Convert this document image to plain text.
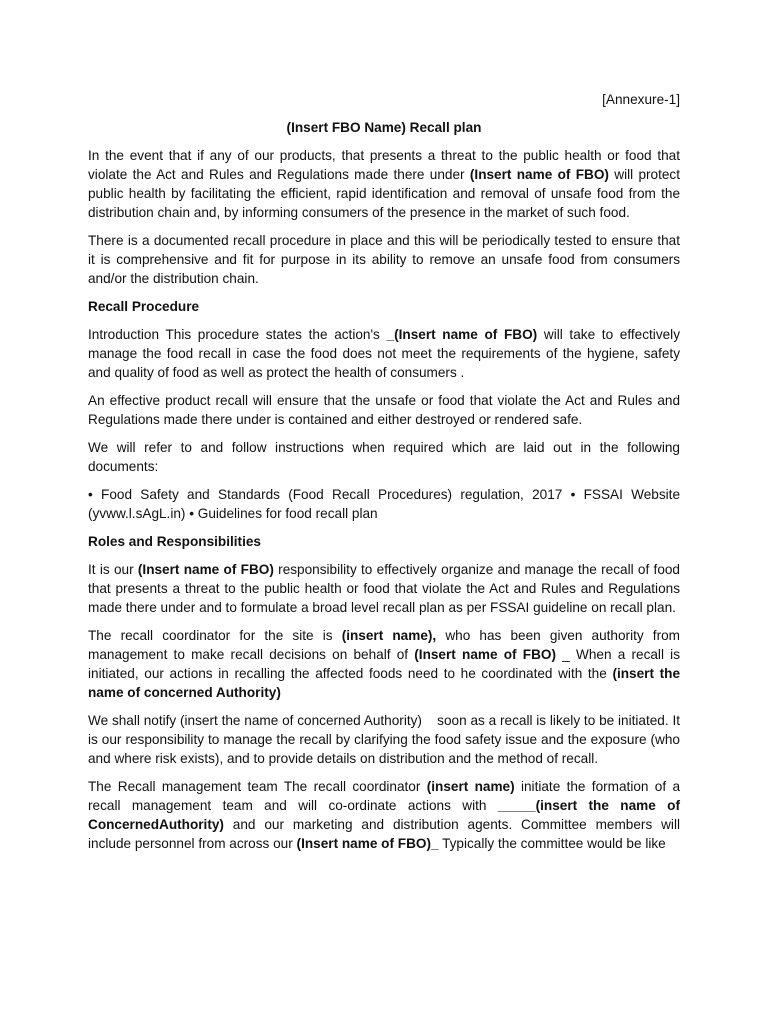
[Annexure-1]
(Insert FBO Name) Recall plan

In the event that if any of our products, that presents a threat to the public health or food that violate the Act and Rules and Regulations made there under (Insert name of FBO) will protect public health by facilitating the efficient, rapid identification and removal of unsafe food from the distribution chain and, by informing consumers of the presence in the market of such food.

There is a documented recall procedure in place and this will be periodically tested to ensure that it is comprehensive and fit for purpose in its ability to remove an unsafe food from consumers and/or the distribution chain.

Recall Procedure

Introduction This procedure states the action's _(Insert name of FBO) will take to effectively manage the food recall in case the food does not meet the requirements of the hygiene, safety and quality of food as well as protect the health of consumers .

An effective product recall will ensure that the unsafe or food that violate the Act and Rules and Regulations made there under is contained and either destroyed or rendered safe.

We will refer to and follow instructions when required which are laid out in the following documents:

• Food Safety and Standards (Food Recall Procedures) regulation, 2017 • FSSAI Website (yvww.l.sAgL.in) • Guidelines for food recall plan

Roles and Responsibilities

It is our (Insert name of FBO) responsibility to effectively organize and manage the recall of food that presents a threat to the public health or food that violate the Act and Rules and Regulations made there under and to formulate a broad level recall plan as per FSSAI guideline on recall plan.

The recall coordinator for the site is (insert name), who has been given authority from management to make recall decisions on behalf of (Insert name of FBO) _ When a recall is initiated, our actions in recalling the affected foods need to he coordinated with the (insert the name of concerned Authority)

We shall notify (insert the name of concerned Authority)    soon as a recall is likely to be initiated. It is our responsibility to manage the recall by clarifying the food safety issue and the exposure (who and where risk exists), and to provide details on distribution and the method of recall.

The Recall management team The recall coordinator (insert name) initiate the formation of a recall management team and will co-ordinate actions with _____(insert the name of ConcernedAuthority) and our marketing and distribution agents. Committee members will include personnel from across our (Insert name of FBO)_ Typically the committee would be like
